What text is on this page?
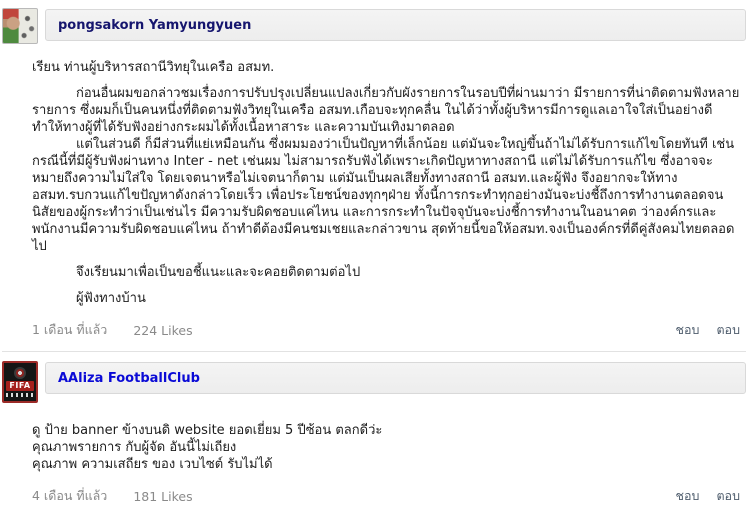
pongsakorn Yamyungyuen

เรียน ท่านผู้บริหารสถานีวิทยุในเครือ อสมท.

ก่อนอื่นผมขอกล่าวชมเรื่องการปรับปรุงเปลี่ยนแปลงเกี่ยวกับผังรายการในรอบปีที่ผ่านมาว่า มีรายการที่น่าติดตามฟังหลายรายการ ซึ่งผมก็เป็นคนหนึ่งที่ติดตามฟังวิทยุในเครือ อสมท.เกือบจะทุกคลื่น ในได้ว่าทั้งผู้บริหารมีการดูแลเอาใจใส่เป็นอย่างดี ทำให้ทางผู้ที่ได้รับฟังอย่างกระผมได้ทั้งเนื้อหาสาระ และความบันเทิงมาตลอด

แต่ในส่วนดี ก็มีส่วนที่แย่เหมือนกัน ซึ่งผมมองว่าเป็นปัญหาที่เล็กน้อย แต่มันจะใหญ่ขึ้นถ้าไม่ได้รับการแก้ไขโดยทันที เช่นกรณีนี้ที่มีผู้รับฟังผ่านทาง Inter - net เช่นผม ไม่สามารถรับฟังได้เพราะเกิดปัญหาทางสถานี แต่ไม่ได้รับการแก้ไข ซึ่งอาจจะหมายถึงความไม่ใส่ใจ โดยเจตนาหรือไม่เจตนาก็ตาม แต่มันเป็นผลเสียทั้งทางสถานี อสมท.และผู้ฟัง จึงอยากจะให้ทาง อสมท.รบกวนแก้ไขปัญหาดังกล่าวโดยเร็ว เพื่อประโยชน์ของทุกๆฝ่าย ทั้งนี้การกระทำทุกอย่างมันจะบ่งชี้ถึงการทำงานตลอดจนนิสัยของผู้กระทำว่าเป็นเช่นไร มีความรับผิดชอบแค่ไหน และการกระทำในปัจจุบันจะบ่งชี้การทำงานในอนาคต ว่าองค์กรและพนักงานมีความรับผิดชอบแค่ไหน ถ้าทำดีต้องมีคนชมเชยและกล่าวขาน สุดท้ายนี้ขอให้อสมท.จงเป็นองค์กรที่ดีคู่สังคมไทยตลอดไป

จึงเรียนมาเพื่อเป็นขอชี้แนะและจะคอยติดตามต่อไป

ผู้ฟังทางบ้าน

1 เดือน ที่แล้ว 224 Likes	ชอบ ตอบ
FIFA AAliza FootballClub

ดู ป้าย banner ข้างบนดิ website ยอดเยี่ยม 5 ปีซ้อน ตลกดีว่ะ

คุณภาพรายการ กับผู้จัด อันนี้ไม่เถียง

คุณภาพ ความเสถียร ของ เวบไซต์ รับไม่ได้

4 เดือน ที่แล้ว 181 Likes	ชอบ ตอบ
